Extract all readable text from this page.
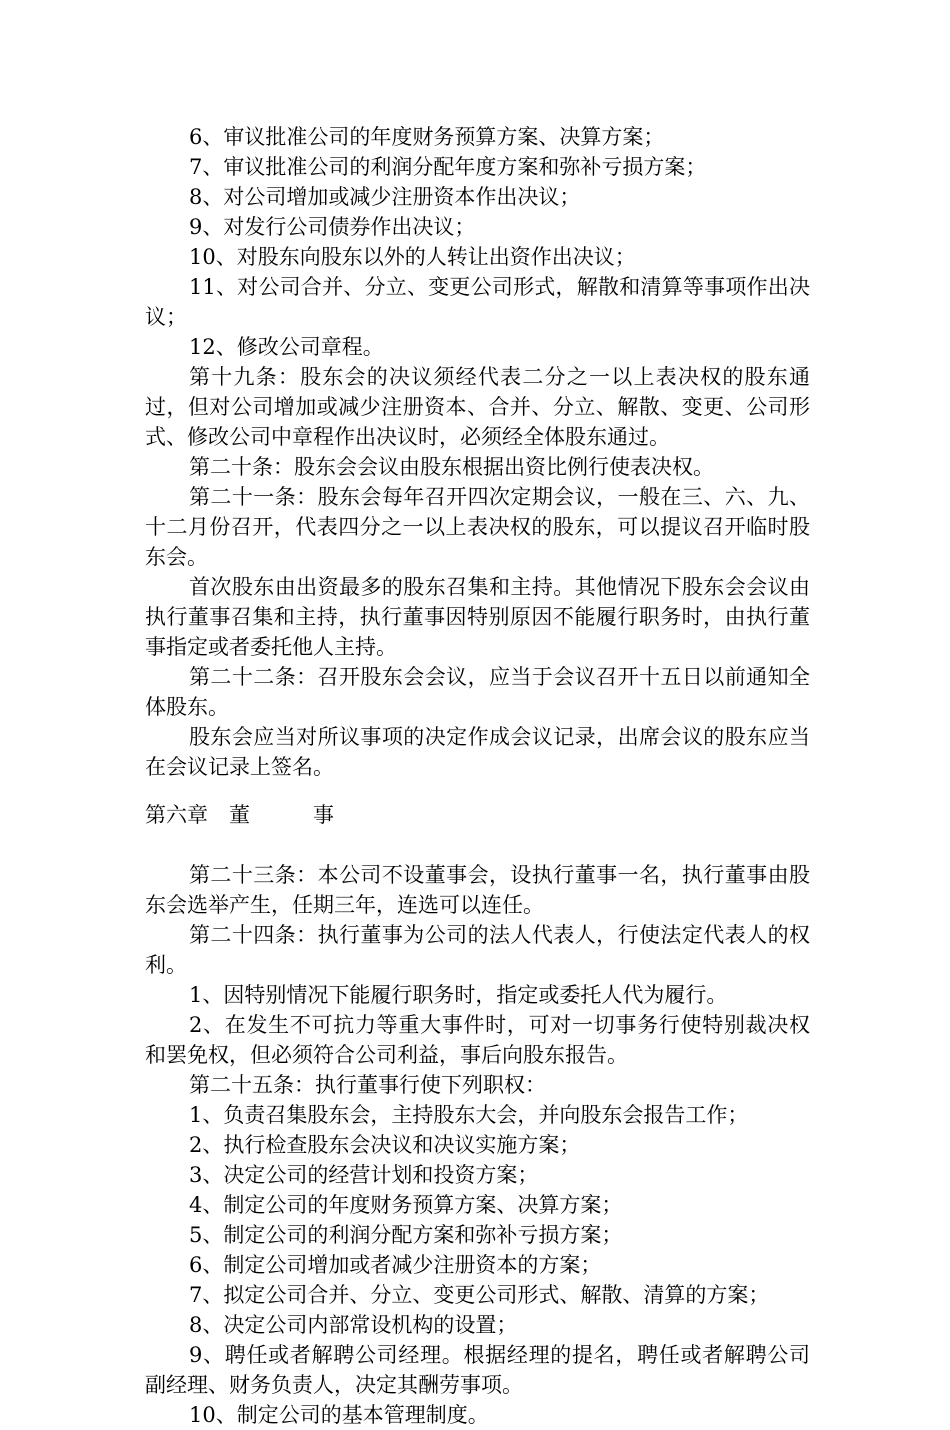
6、审议批准公司的年度财务预算方案、决算方案；

7、审议批准公司的利润分配年度方案和弥补亏损方案；

8、对公司增加或减少注册资本作出决议；

9、对发行公司债券作出决议；

10、对股东向股东以外的人转让出资作出决议；

11、对公司合并、分立、变更公司形式，解散和清算等事项作出决议；

12、修改公司章程。

第十九条：股东会的决议须经代表二分之一以上表决权的股东通过，但对公司增加或减少注册资本、合并、分立、解散、变更、公司形式、修改公司中章程作出决议时，必须经全体股东通过。

第二十条：股东会会议由股东根据出资比例行使表决权。

第二十一条：股东会每年召开四次定期会议，一般在三、六、九、十二月份召开，代表四分之一以上表决权的股东，可以提议召开临时股东会。

首次股东由出资最多的股东召集和主持。其他情况下股东会会议由执行董事召集和主持，执行董事因特别原因不能履行职务时，由执行董事指定或者委托他人主持。

第二十二条：召开股东会会议，应当于会议召开十五日以前通知全体股东。

股东会应当对所议事项的决定作成会议记录，出席会议的股东应当在会议记录上签名。

第六章　董　　　事

第二十三条：本公司不设董事会，设执行董事一名，执行董事由股东会选举产生，任期三年，连选可以连任。

第二十四条：执行董事为公司的法人代表人，行使法定代表人的权利。

1、因特别情况下能履行职务时，指定或委托人代为履行。

2、在发生不可抗力等重大事件时，可对一切事务行使特别裁决权和罢免权，但必须符合公司利益，事后向股东报告。

第二十五条：执行董事行使下列职权：

1、负责召集股东会，主持股东大会，并向股东会报告工作；

2、执行检查股东会决议和决议实施方案；

3、决定公司的经营计划和投资方案；

4、制定公司的年度财务预算方案、决算方案；

5、制定公司的利润分配方案和弥补亏损方案；

6、制定公司增加或者减少注册资本的方案；

7、拟定公司合并、分立、变更公司形式、解散、清算的方案；

8、决定公司内部常设机构的设置；

9、聘任或者解聘公司经理。根据经理的提名，聘任或者解聘公司副经理、财务负责人，决定其酬劳事项。

10、制定公司的基本管理制度。
